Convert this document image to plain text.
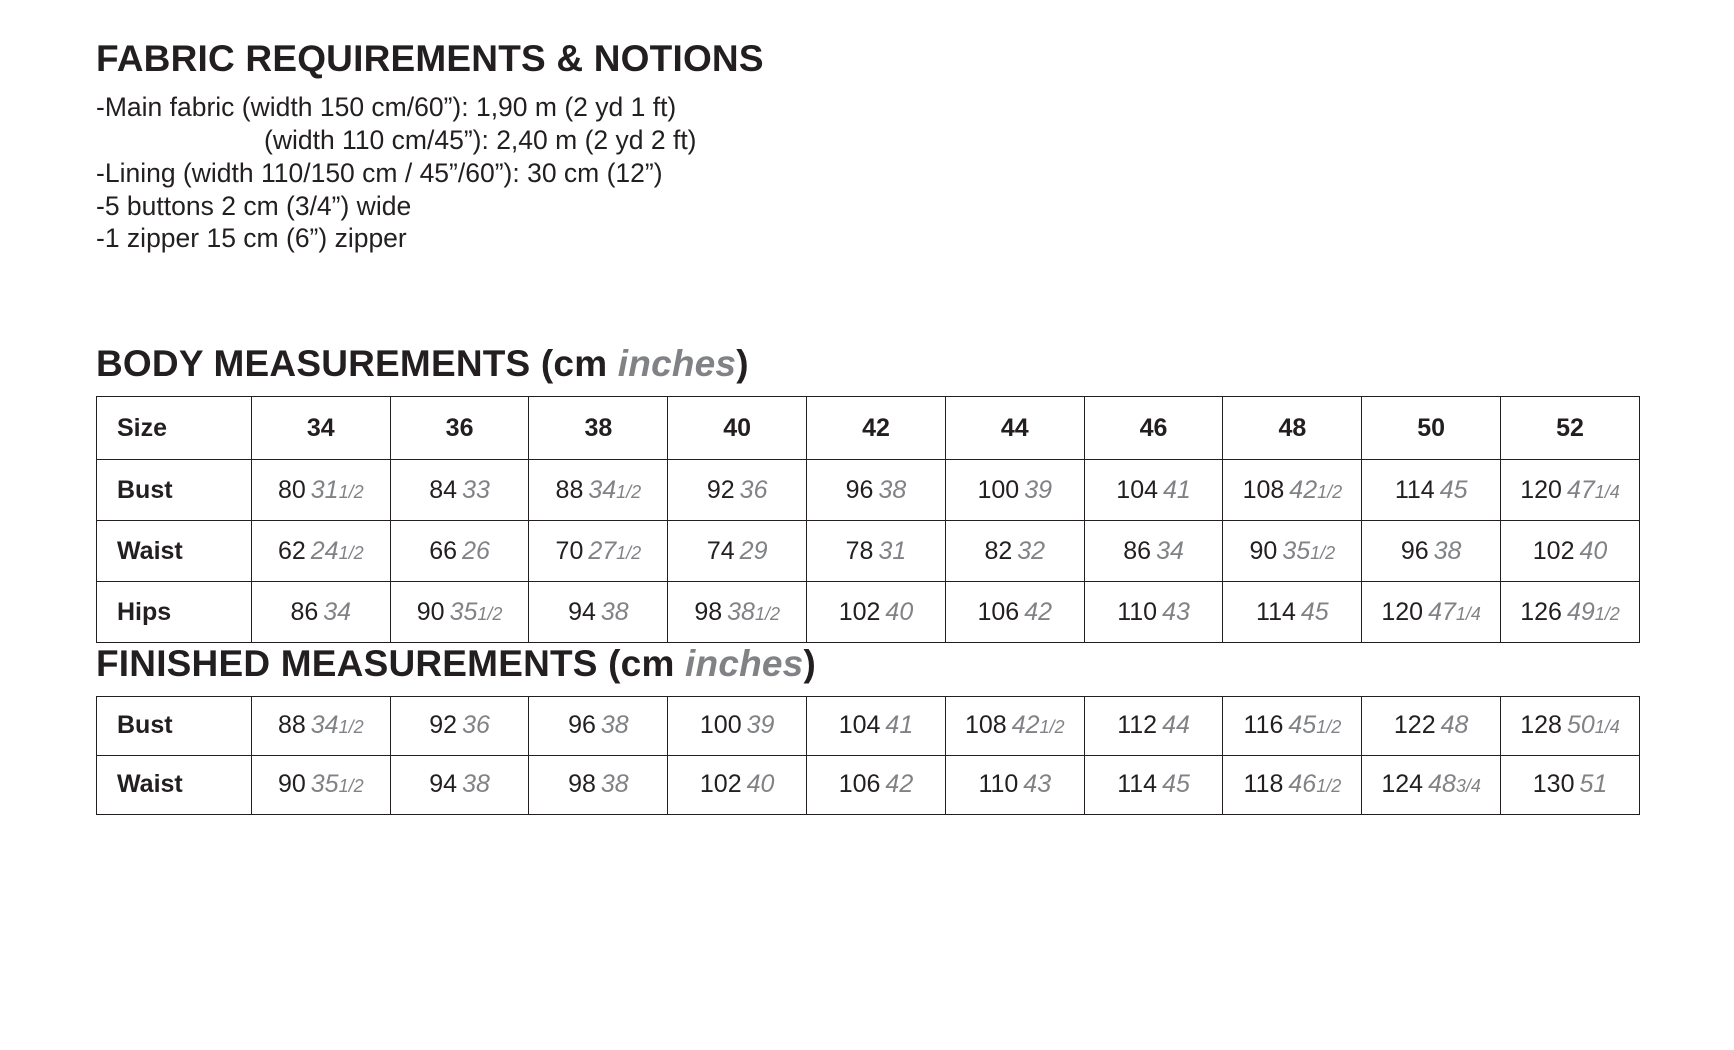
FABRIC REQUIREMENTS & NOTIONS
-Main fabric (width 150 cm/60”): 1,90 m (2 yd 1 ft)
(width 110 cm/45”): 2,40 m (2 yd 2 ft)
-Lining (width 110/150 cm / 45”/60”): 30 cm (12”)
-5 buttons 2 cm (3/4”) wide
-1 zipper 15 cm (6”) zipper
BODY MEASUREMENTS (cm inches)
Size	34	36	38	40	42	44	46	48	50	52
Bust	80 311/2	84 33	88 341/2	92 36	96 38	100 39	104 41	108 421/2	114 45	120 471/4
Waist	62 241/2	66 26	70 271/2	74 29	78 31	82 32	86 34	90 351/2	96 38	102 40
Hips	86 34	90 351/2	94 38	98 381/2	102 40	106 42	110 43	114 45	120 471/4	126 491/2
FINISHED MEASUREMENTS (cm inches)
Bust	88 341/2	92 36	96 38	100 39	104 41	108 421/2	112 44	116 451/2	122 48	128 501/4
Waist	90 351/2	94 38	98 38	102 40	106 42	110 43	114 45	118 461/2	124 483/4	130 51
